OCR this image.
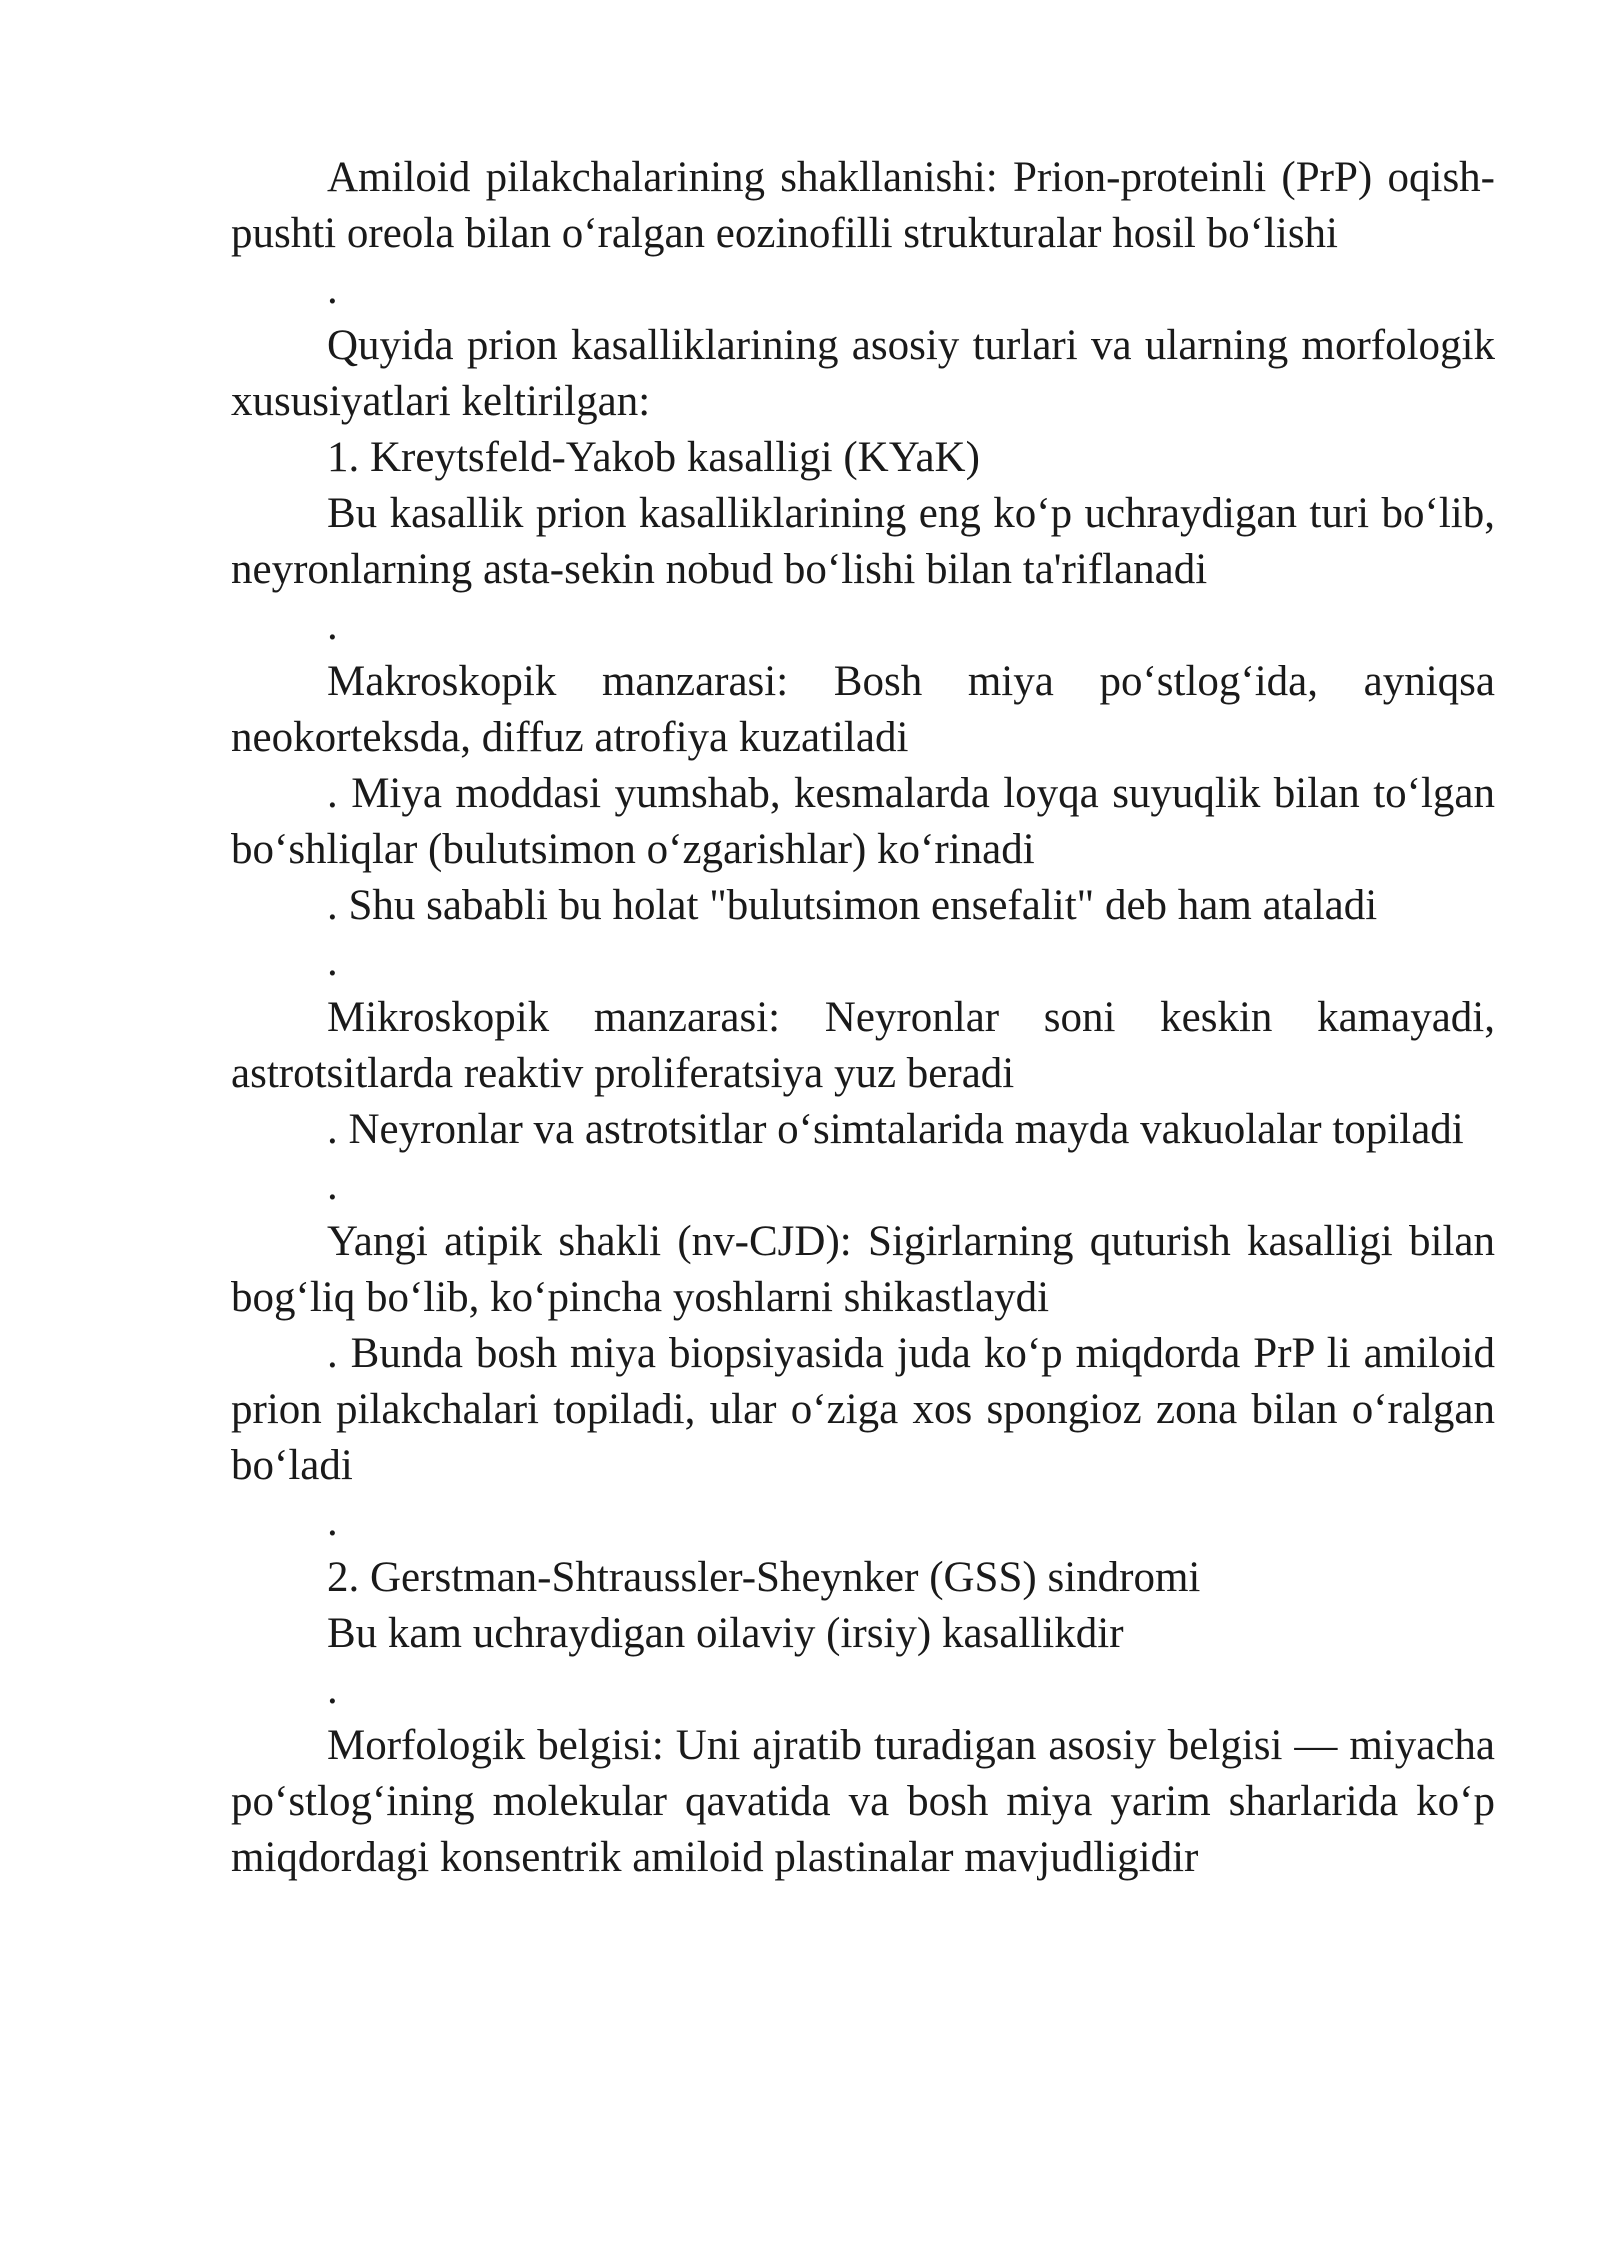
Amiloid pilakchalarining shakllanishi: Prion-proteinli (PrP) oqish-pushti oreola bilan o‘ralgan eozinofilli strukturalar hosil bo‘lishi

.

Quyida prion kasalliklarining asosiy turlari va ularning morfologik xususiyatlari keltirilgan:

1. Kreytsfeld-Yakob kasalligi (KYaK)

Bu kasallik prion kasalliklarining eng ko‘p uchraydigan turi bo‘lib, neyronlarning asta-sekin nobud bo‘lishi bilan ta'riflanadi

.

Makroskopik manzarasi: Bosh miya po‘stlog‘ida, ayniqsa neokorteksda, diffuz atrofiya kuzatiladi

. Miya moddasi yumshab, kesmalarda loyqa suyuqlik bilan to‘lgan bo‘shliqlar (bulutsimon o‘zgarishlar) ko‘rinadi

. Shu sababli bu holat "bulutsimon ensefalit" deb ham ataladi

.

Mikroskopik manzarasi: Neyronlar soni keskin kamayadi, astrotsitlarda reaktiv proliferatsiya yuz beradi

. Neyronlar va astrotsitlar o‘simtalarida mayda vakuolalar topiladi

.

Yangi atipik shakli (nv-CJD): Sigirlarning quturish kasalligi bilan bog‘liq bo‘lib, ko‘pincha yoshlarni shikastlaydi

. Bunda bosh miya biopsiyasida juda ko‘p miqdorda PrP li amiloid prion pilakchalari topiladi, ular o‘ziga xos spongioz zona bilan o‘ralgan bo‘ladi

.

2. Gerstman-Shtraussler-Sheynker (GSS) sindromi

Bu kam uchraydigan oilaviy (irsiy) kasallikdir

.

Morfologik belgisi: Uni ajratib turadigan asosiy belgisi — miyacha po‘stlog‘ining molekular qavatida va bosh miya yarim sharlarida ko‘p miqdordagi konsentrik amiloid plastinalar mavjudligidir
